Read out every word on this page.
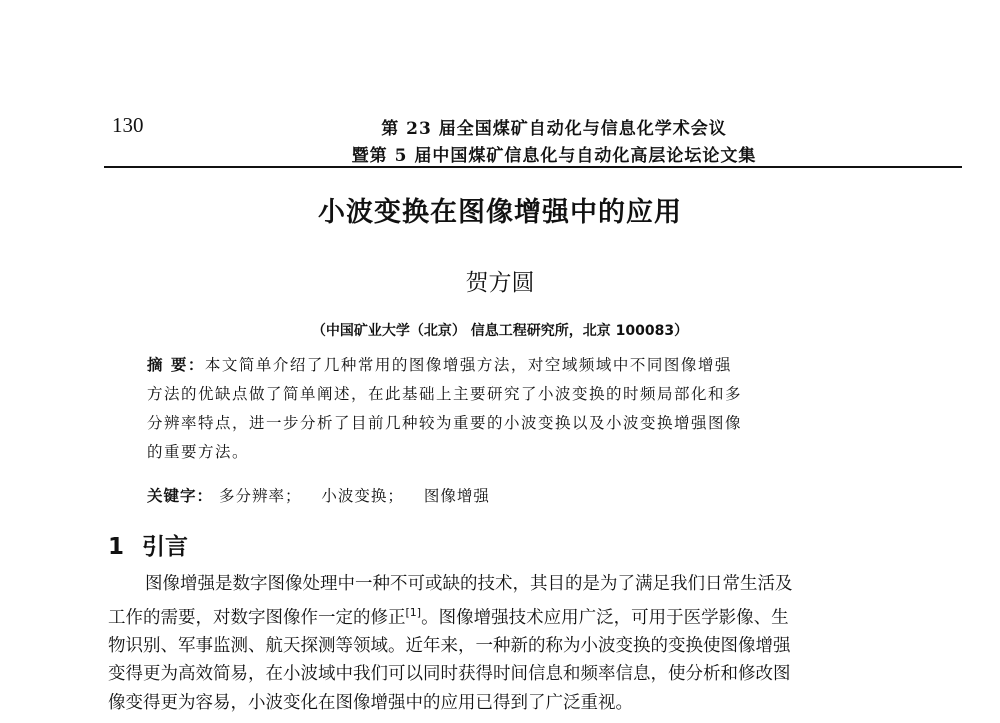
130	第 23 届全国煤矿自动化与信息化学术会议
暨第 5 届中国煤矿信息化与自动化高层论坛论文集
小波变换在图像增强中的应用
贺方圆
（中国矿业大学（北京） 信息工程研究所，北京 100083）

摘 要：本文简单介绍了几种常用的图像增强方法，对空域频域中不同图像增强

方法的优缺点做了简单阐述，在此基础上主要研究了小波变换的时频局部化和多

分辨率特点，进一步分析了目前几种较为重要的小波变换以及小波变换增强图像

的重要方法。

关键字： 多分辨率； 小波变换； 图像增强
1 引言

图像增强是数字图像处理中一种不可或缺的技术，其目的是为了满足我们日常生活及

工作的需要，对数字图像作一定的修正[1]。图像增强技术应用广泛，可用于医学影像、生

物识别、军事监测、航天探测等领域。近年来，一种新的称为小波变换的变换使图像增强

变得更为高效简易，在小波域中我们可以同时获得时间信息和频率信息，使分析和修改图

像变得更为容易，小波变化在图像增强中的应用已得到了广泛重视。
